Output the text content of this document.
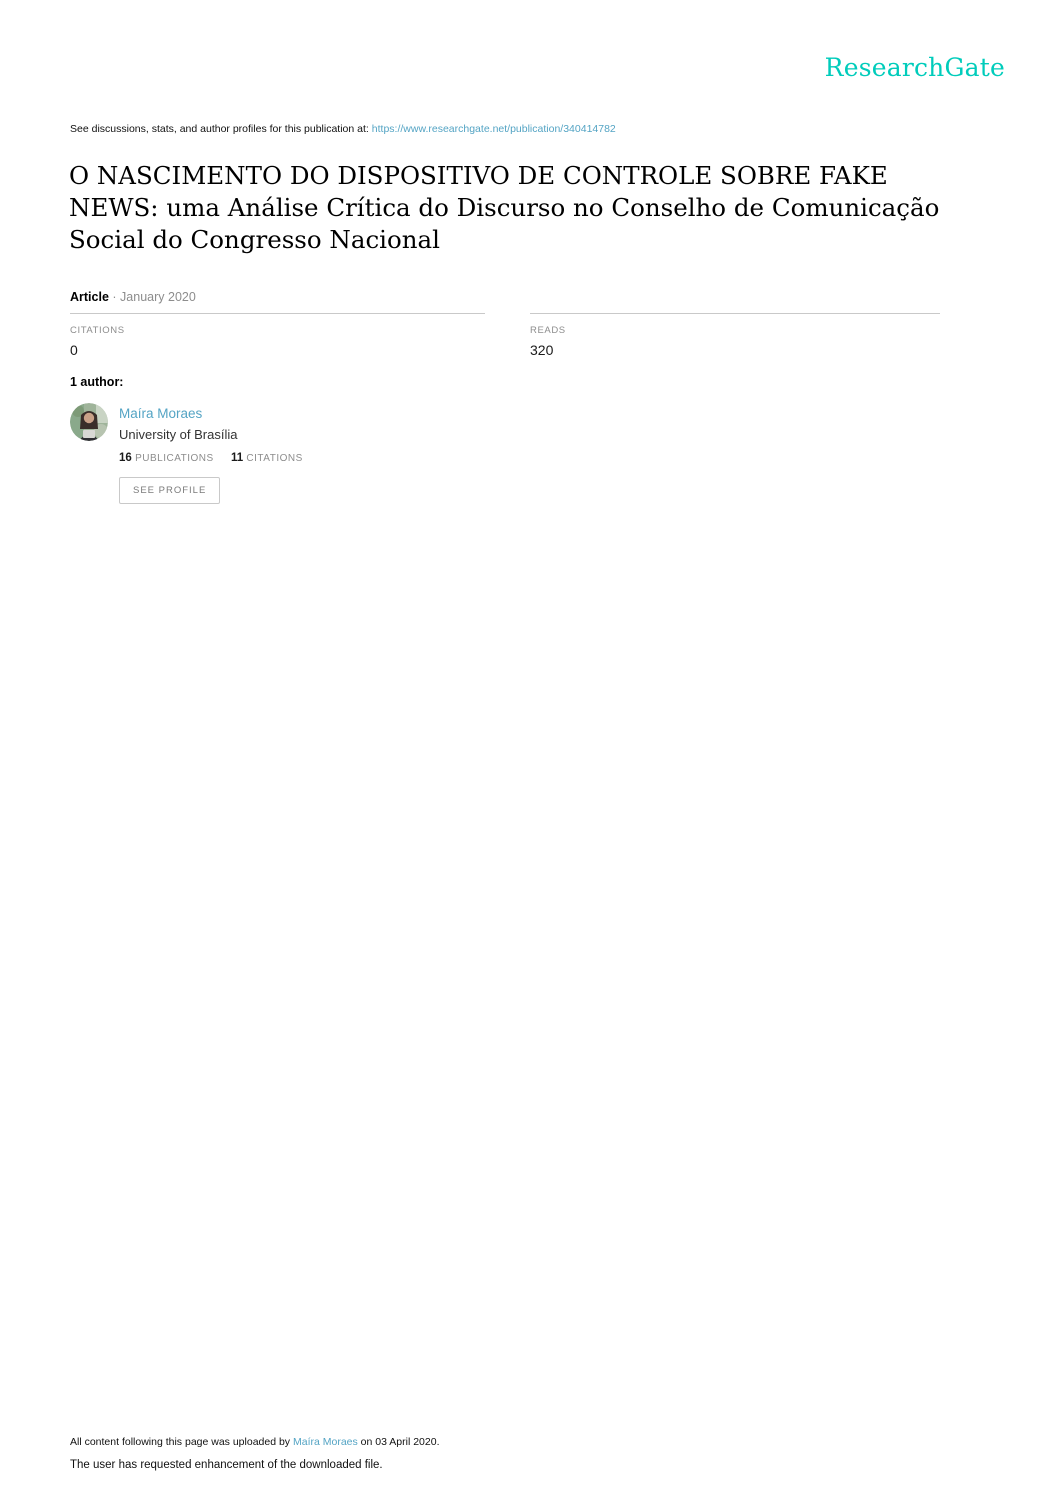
ResearchGate
See discussions, stats, and author profiles for this publication at: https://www.researchgate.net/publication/340414782
O NASCIMENTO DO DISPOSITIVO DE CONTROLE SOBRE FAKE NEWS: uma Análise Crítica do Discurso no Conselho de Comunicação Social do Congresso Nacional
Article · January 2020
CITATIONS
0
READS
320
1 author:
Maíra Moraes
University of Brasília
16 PUBLICATIONS 11 CITATIONS
SEE PROFILE
All content following this page was uploaded by Maíra Moraes on 03 April 2020.
The user has requested enhancement of the downloaded file.
